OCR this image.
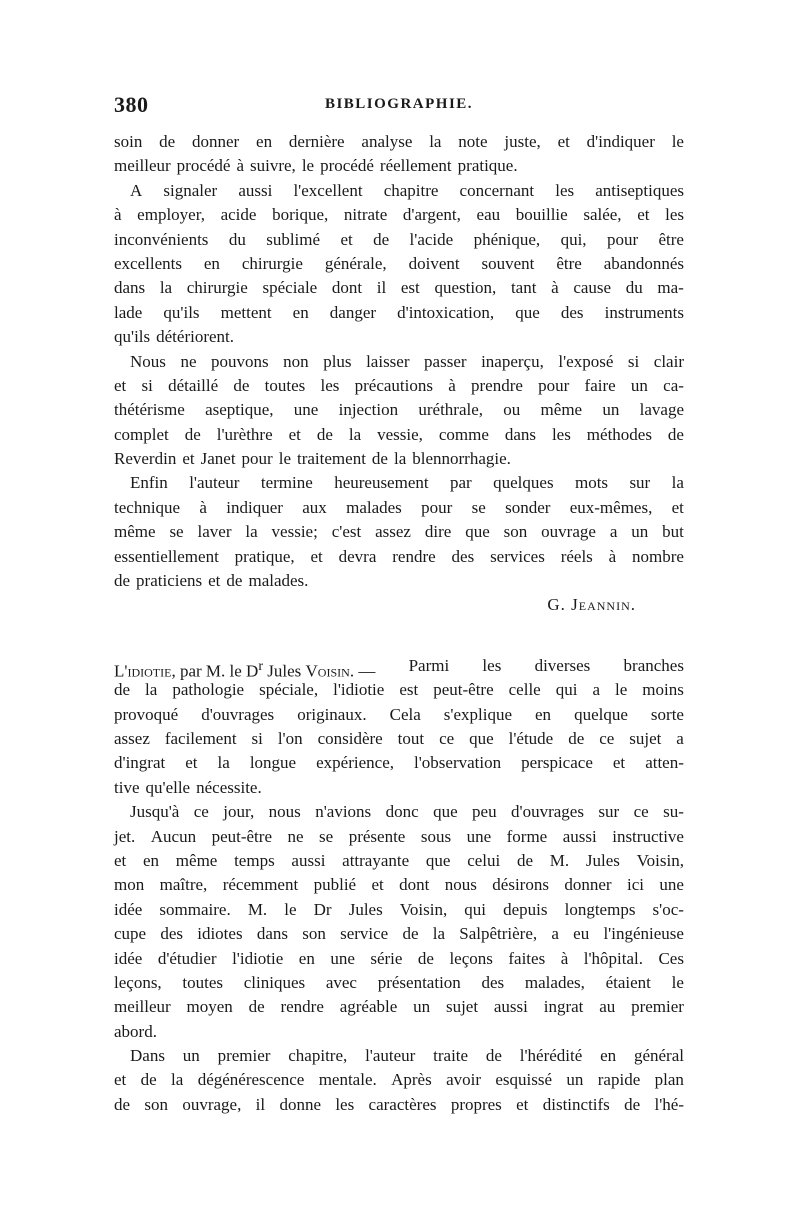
380	BIBLIOGRAPHIE.
soin de donner en dernière analyse la note juste, et d'indiquer le
meilleur procédé à suivre, le procédé réellement pratique.
A signaler aussi l'excellent chapitre concernant les antiseptiques
à employer, acide borique, nitrate d'argent, eau bouillie salée, et les
inconvénients du sublimé et de l'acide phénique, qui, pour être
excellents en chirurgie générale, doivent souvent être abandonnés
dans la chirurgie spéciale dont il est question, tant à cause du ma-
lade qu'ils mettent en danger d'intoxication, que des instruments
qu'ils détériorent.
Nous ne pouvons non plus laisser passer inaperçu, l'exposé si clair
et si détaillé de toutes les précautions à prendre pour faire un ca-
thétérisme aseptique, une injection uréthrale, ou même un lavage
complet de l'urèthre et de la vessie, comme dans les méthodes de
Reverdin et Janet pour le traitement de la blennorrhagie.
Enfin l'auteur termine heureusement par quelques mots sur la
technique à indiquer aux malades pour se sonder eux-mêmes, et
même se laver la vessie; c'est assez dire que son ouvrage a un but
essentiellement pratique, et devra rendre des services réels à nombre
de praticiens et de malades.
G. Jeannin.
L'idiotie, par M. le $D^r$ Jules Voisin. — Parmi les diverses branches
de la pathologie spéciale, l'idiotie est peut-être celle qui a le moins
provoqué d'ouvrages originaux. Cela s'explique en quelque sorte
assez facilement si l'on considère tout ce que l'étude de ce sujet a
d'ingrat et la longue expérience, l'observation perspicace et atten-
tive qu'elle nécessite.
Jusqu'à ce jour, nous n'avions donc que peu d'ouvrages sur ce su-
jet. Aucun peut-être ne se présente sous une forme aussi instructive
et en même temps aussi attrayante que celui de M. Jules Voisin,
mon maître, récemment publié et dont nous désirons donner ici une
idée sommaire. M. le Dr Jules Voisin, qui depuis longtemps s'oc-
cupe des idiotes dans son service de la Salpêtrière, a eu l'ingénieuse
idée d'étudier l'idiotie en une série de leçons faites à l'hôpital. Ces
leçons, toutes cliniques avec présentation des malades, étaient le
meilleur moyen de rendre agréable un sujet aussi ingrat au premier
abord.
Dans un premier chapitre, l'auteur traite de l'hérédité en général
et de la dégénérescence mentale. Après avoir esquissé un rapide plan
de son ouvrage, il donne les caractères propres et distinctifs de l'hé-
